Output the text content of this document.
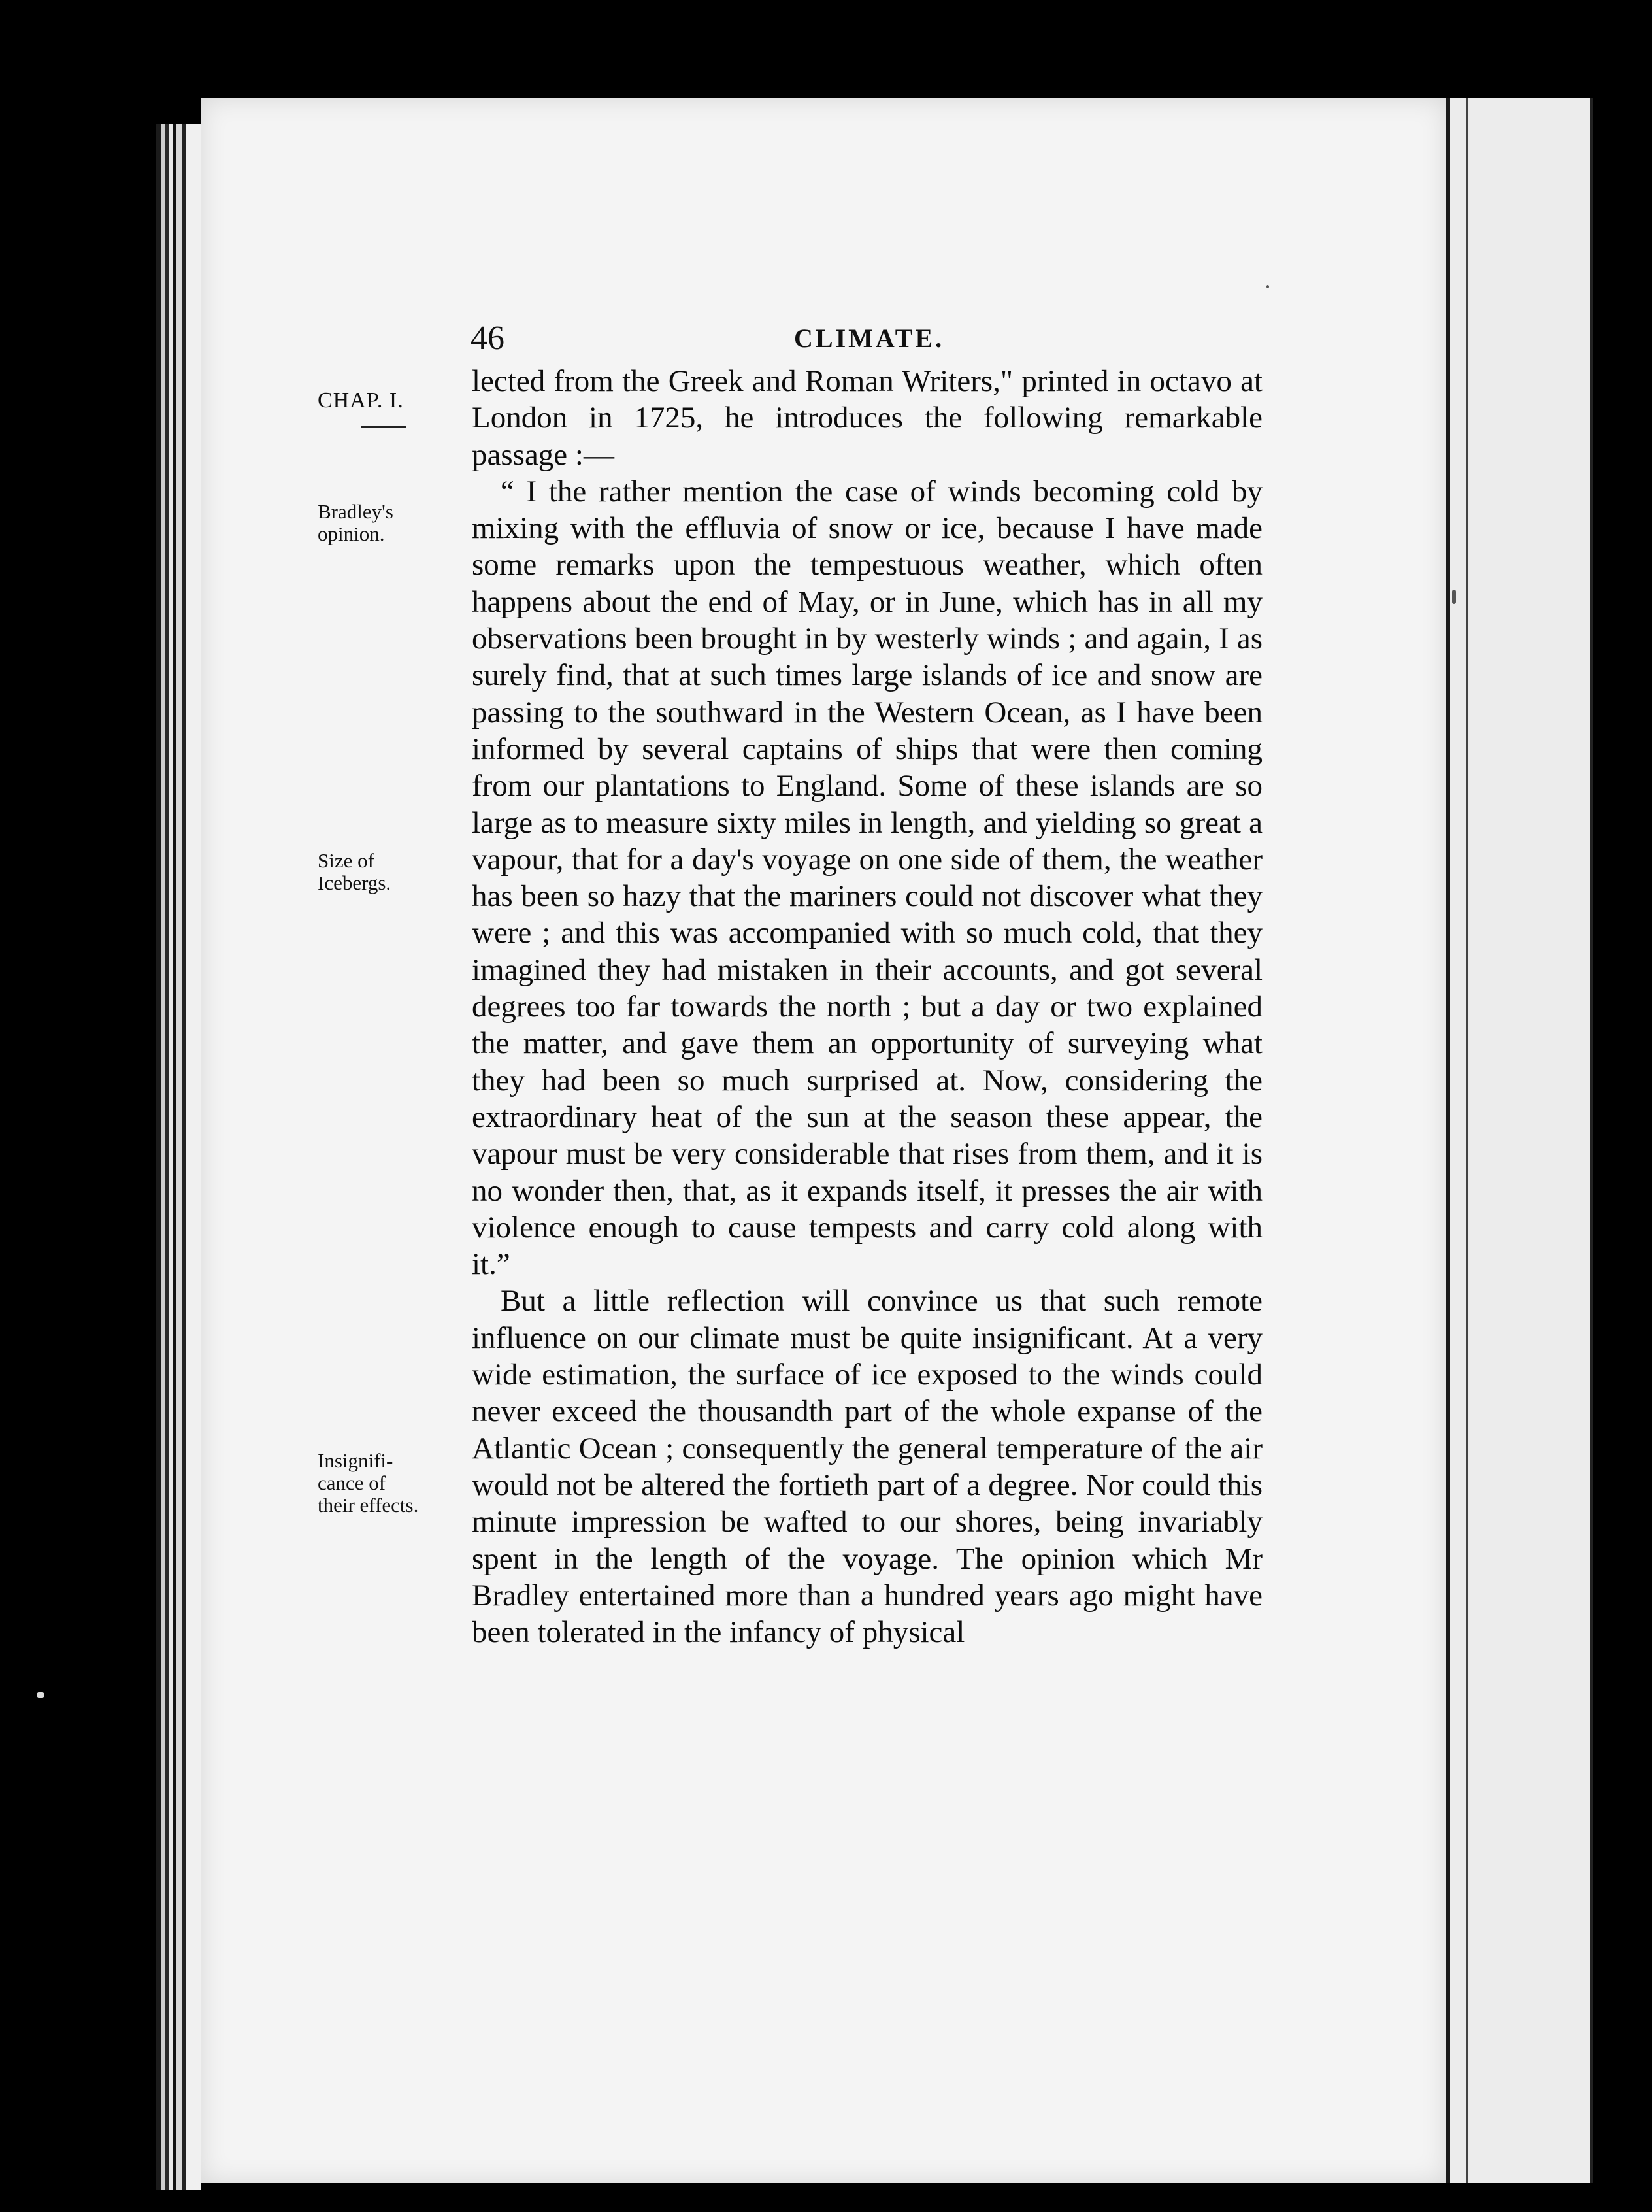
46	CLIMATE.
CHAP. I.
Bradley's
opinion.
Size of
Icebergs.
Insignifi-
cance of
their effects.

lected from the Greek and Roman Writers," printed in octavo at London in 1725, he introduces the following remarkable passage :—

“ I the rather mention the case of winds becoming cold by mixing with the effluvia of snow or ice, because I have made some remarks upon the tempestuous weather, which often happens about the end of May, or in June, which has in all my observations been brought in by westerly winds ; and again, I as surely find, that at such times large islands of ice and snow are passing to the southward in the Western Ocean, as I have been informed by several captains of ships that were then coming from our plantations to England. Some of these islands are so large as to measure sixty miles in length, and yielding so great a vapour, that for a day's voyage on one side of them, the weather has been so hazy that the mariners could not discover what they were ; and this was accompanied with so much cold, that they imagined they had mistaken in their accounts, and got several degrees too far towards the north ; but a day or two explained the matter, and gave them an opportunity of surveying what they had been so much surprised at. Now, considering the extraordinary heat of the sun at the season these appear, the vapour must be very considerable that rises from them, and it is no wonder then, that, as it expands itself, it presses the air with violence enough to cause tempests and carry cold along with it.”

But a little reflection will convince us that such remote influence on our climate must be quite insignificant. At a very wide estimation, the surface of ice exposed to the winds could never exceed the thousandth part of the whole expanse of the Atlantic Ocean ; consequently the general temperature of the air would not be altered the fortieth part of a degree. Nor could this minute impression be wafted to our shores, being invariably spent in the length of the voyage. The opinion which Mr Bradley entertained more than a hundred years ago might have been tolerated in the infancy of physical
